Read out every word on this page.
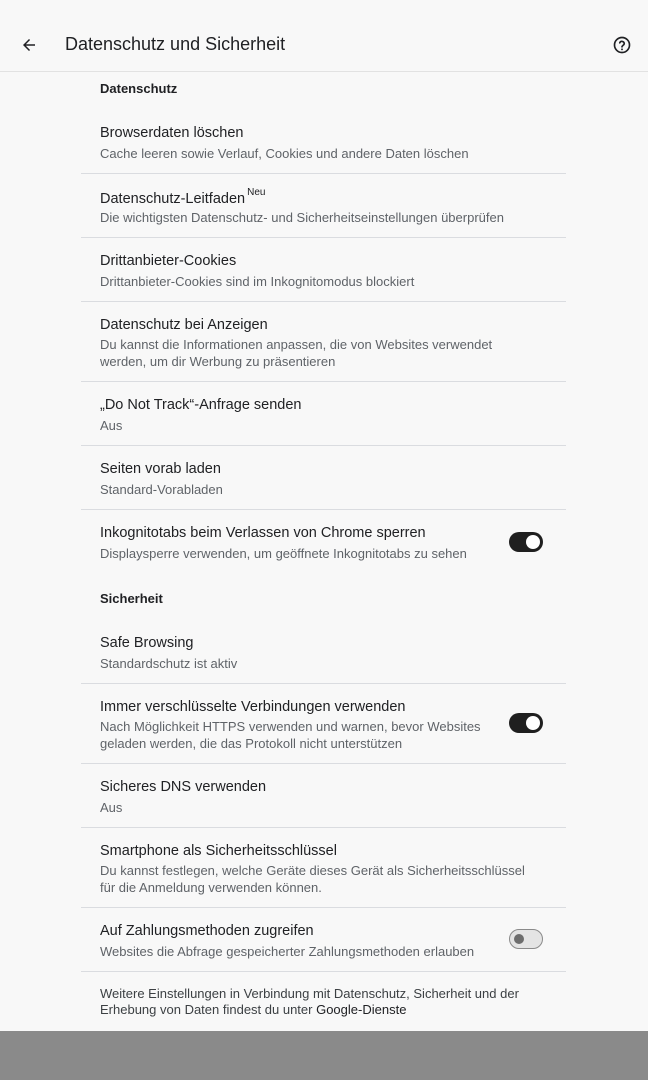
Datenschutz und Sicherheit
Datenschutz
Browserdaten löschen
Cache leeren sowie Verlauf, Cookies und andere Daten löschen
Datenschutz-Leitfaden $^{Neu}$
Die wichtigsten Datenschutz- und Sicherheitseinstellungen überprüfen
Drittanbieter-Cookies
Drittanbieter-Cookies sind im Inkognitomodus blockiert
Datenschutz bei Anzeigen
Du kannst die Informationen anpassen, die von Websites verwendet werden, um dir Werbung zu präsentieren
„Do Not Track“-Anfrage senden
Aus
Seiten vorab laden
Standard-Vorabladen
Inkognitotabs beim Verlassen von Chrome sperren
Displaysperre verwenden, um geöffnete Inkognitotabs zu sehen
Sicherheit
Safe Browsing
Standardschutz ist aktiv
Immer verschlüsselte Verbindungen verwenden
Nach Möglichkeit HTTPS verwenden und warnen, bevor Websites geladen werden, die das Protokoll nicht unterstützen
Sicheres DNS verwenden
Aus
Smartphone als Sicherheitsschlüssel
Du kannst festlegen, welche Geräte dieses Gerät als Sicherheitsschlüssel für die Anmeldung verwenden können.
Auf Zahlungsmethoden zugreifen
Websites die Abfrage gespeicherter Zahlungsmethoden erlauben
Weitere Einstellungen in Verbindung mit Datenschutz, Sicherheit und der Erhebung von Daten findest du unter Google-Dienste
